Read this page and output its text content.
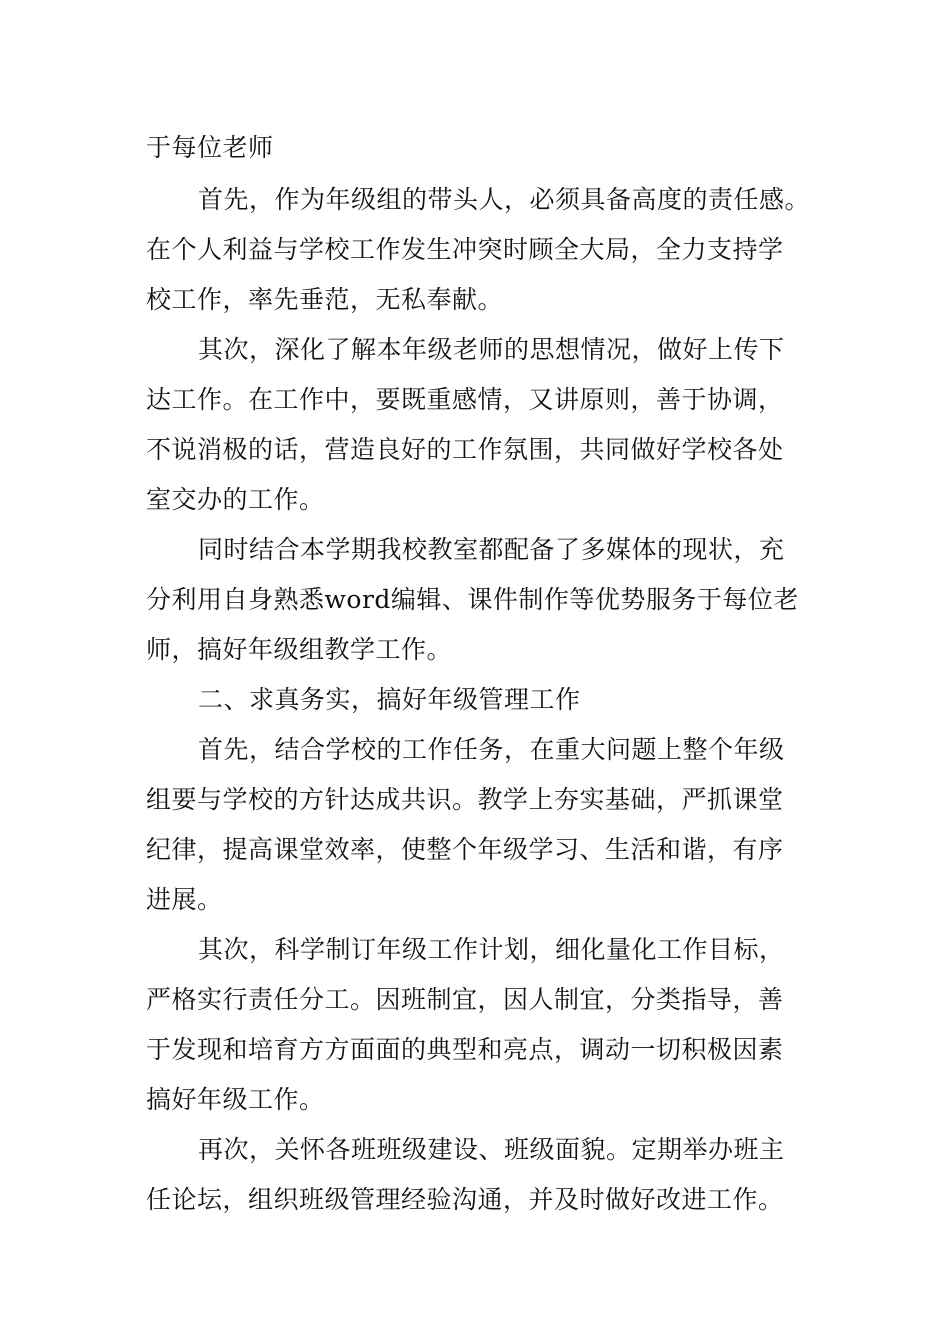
于每位老师
首先，作为年级组的带头人，必须具备高度的责任感。
在个人利益与学校工作发生冲突时顾全大局，全力支持学
校工作，率先垂范，无私奉献。
其次，深化了解本年级老师的思想情况，做好上传下
达工作。在工作中，要既重感情，又讲原则，善于协调，
不说消极的话，营造良好的工作氛围，共同做好学校各处
室交办的工作。
同时结合本学期我校教室都配备了多媒体的现状，充
分利用自身熟悉word编辑、课件制作等优势服务于每位老
师，搞好年级组教学工作。
二、求真务实，搞好年级管理工作
首先，结合学校的工作任务，在重大问题上整个年级
组要与学校的方针达成共识。教学上夯实基础，严抓课堂
纪律，提高课堂效率，使整个年级学习、生活和谐，有序
进展。
其次，科学制订年级工作计划，细化量化工作目标，
严格实行责任分工。因班制宜，因人制宜，分类指导，善
于发现和培育方方面面的典型和亮点，调动一切积极因素
搞好年级工作。
再次，关怀各班班级建设、班级面貌。定期举办班主
任论坛，组织班级管理经验沟通，并及时做好改进工作。
